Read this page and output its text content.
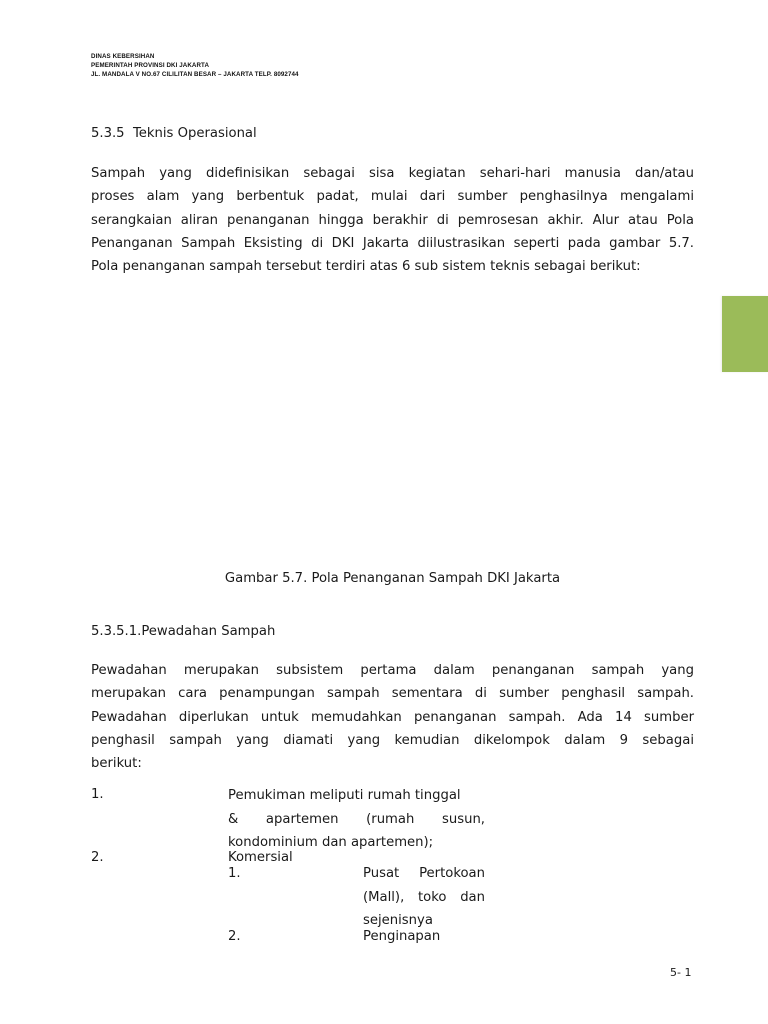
DINAS KEBERSIHAN
PEMERINTAH PROVINSI DKI JAKARTA
JL. MANDALA V NO.67 CILILITAN BESAR – JAKARTA TELP. 8092744
5.3.5 Teknis Operasional
Sampah yang didefinisikan sebagai sisa kegiatan sehari-hari manusia dan/atau
proses alam yang berbentuk padat, mulai dari sumber penghasilnya mengalami
serangkaian aliran penanganan hingga berakhir di pemrosesan akhir. Alur atau Pola
Penanganan Sampah Eksisting di DKI Jakarta diilustrasikan seperti pada gambar 5.7.
Pola penanganan sampah tersebut terdiri atas 6 sub sistem teknis sebagai berikut:
Gambar 5.7. Pola Penanganan Sampah DKI Jakarta
5.3.5.1.Pewadahan Sampah
Pewadahan merupakan subsistem pertama dalam penanganan sampah yang
merupakan cara penampungan sampah sementara di sumber penghasil sampah.
Pewadahan diperlukan untuk memudahkan penanganan sampah. Ada 14 sumber
penghasil sampah yang diamati yang kemudian dikelompok dalam 9 sebagai
berikut:
1.	Pemukiman meliputi rumah tinggal
& apartemen (rumah susun,
kondominium dan apartemen);
2.	Komersial
1.	Pusat Pertokoan
(Mall), toko dan
sejenisnya
2.	Penginapan
5- 1
